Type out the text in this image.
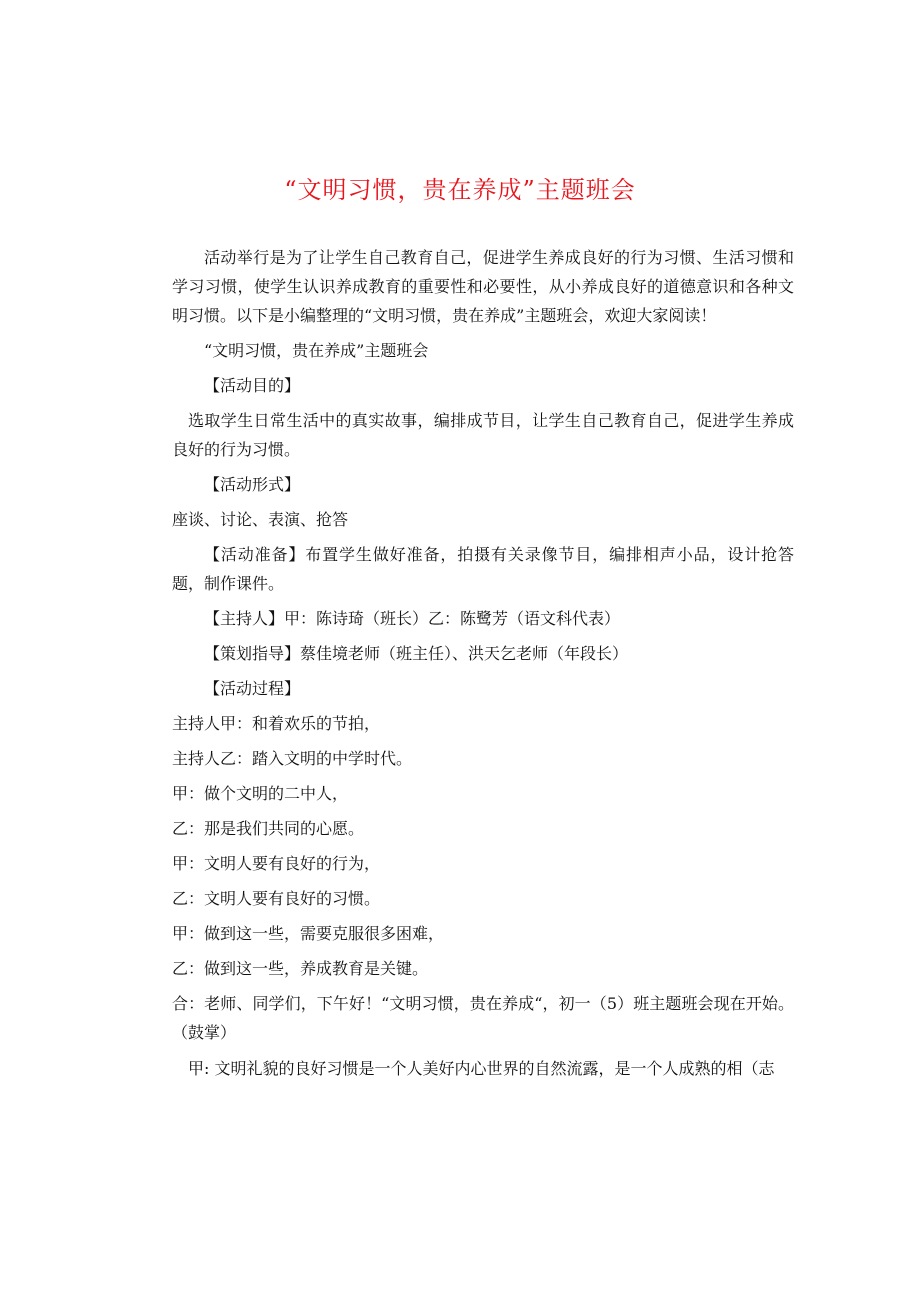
“文明习惯，贵在养成”主题班会

活动举行是为了让学生自己教育自己，促进学生养成良好的行为习惯、生活习惯和学习习惯，使学生认识养成教育的重要性和必要性，从小养成良好的道德意识和各种文明习惯。以下是小编整理的“文明习惯，贵在养成”主题班会，欢迎大家阅读！

“文明习惯，贵在养成”主题班会

【活动目的】

选取学生日常生活中的真实故事，编排成节目，让学生自己教育自己，促进学生养成良好的行为习惯。

【活动形式】

座谈、讨论、表演、抢答

【活动准备】布置学生做好准备，拍摄有关录像节目，编排相声小品，设计抢答题，制作课件。

【主持人】甲：陈诗琦（班长）乙：陈鹭芳（语文科代表）

【策划指导】蔡佳境老师（班主任）、洪天乞老师（年段长）

【活动过程】

主持人甲：和着欢乐的节拍，

主持人乙：踏入文明的中学时代。

甲：做个文明的二中人，

乙：那是我们共同的心愿。

甲：文明人要有良好的行为，

乙：文明人要有良好的习惯。

甲：做到这一些，需要克服很多困难，

乙：做到这一些，养成教育是关键。

合：老师、同学们，下午好！“文明习惯，贵在养成“，初一（5）班主题班会现在开始。（鼓掌）

甲: 文明礼貌的良好习惯是一个人美好内心世界的自然流露，是一个人成熟的相（志
